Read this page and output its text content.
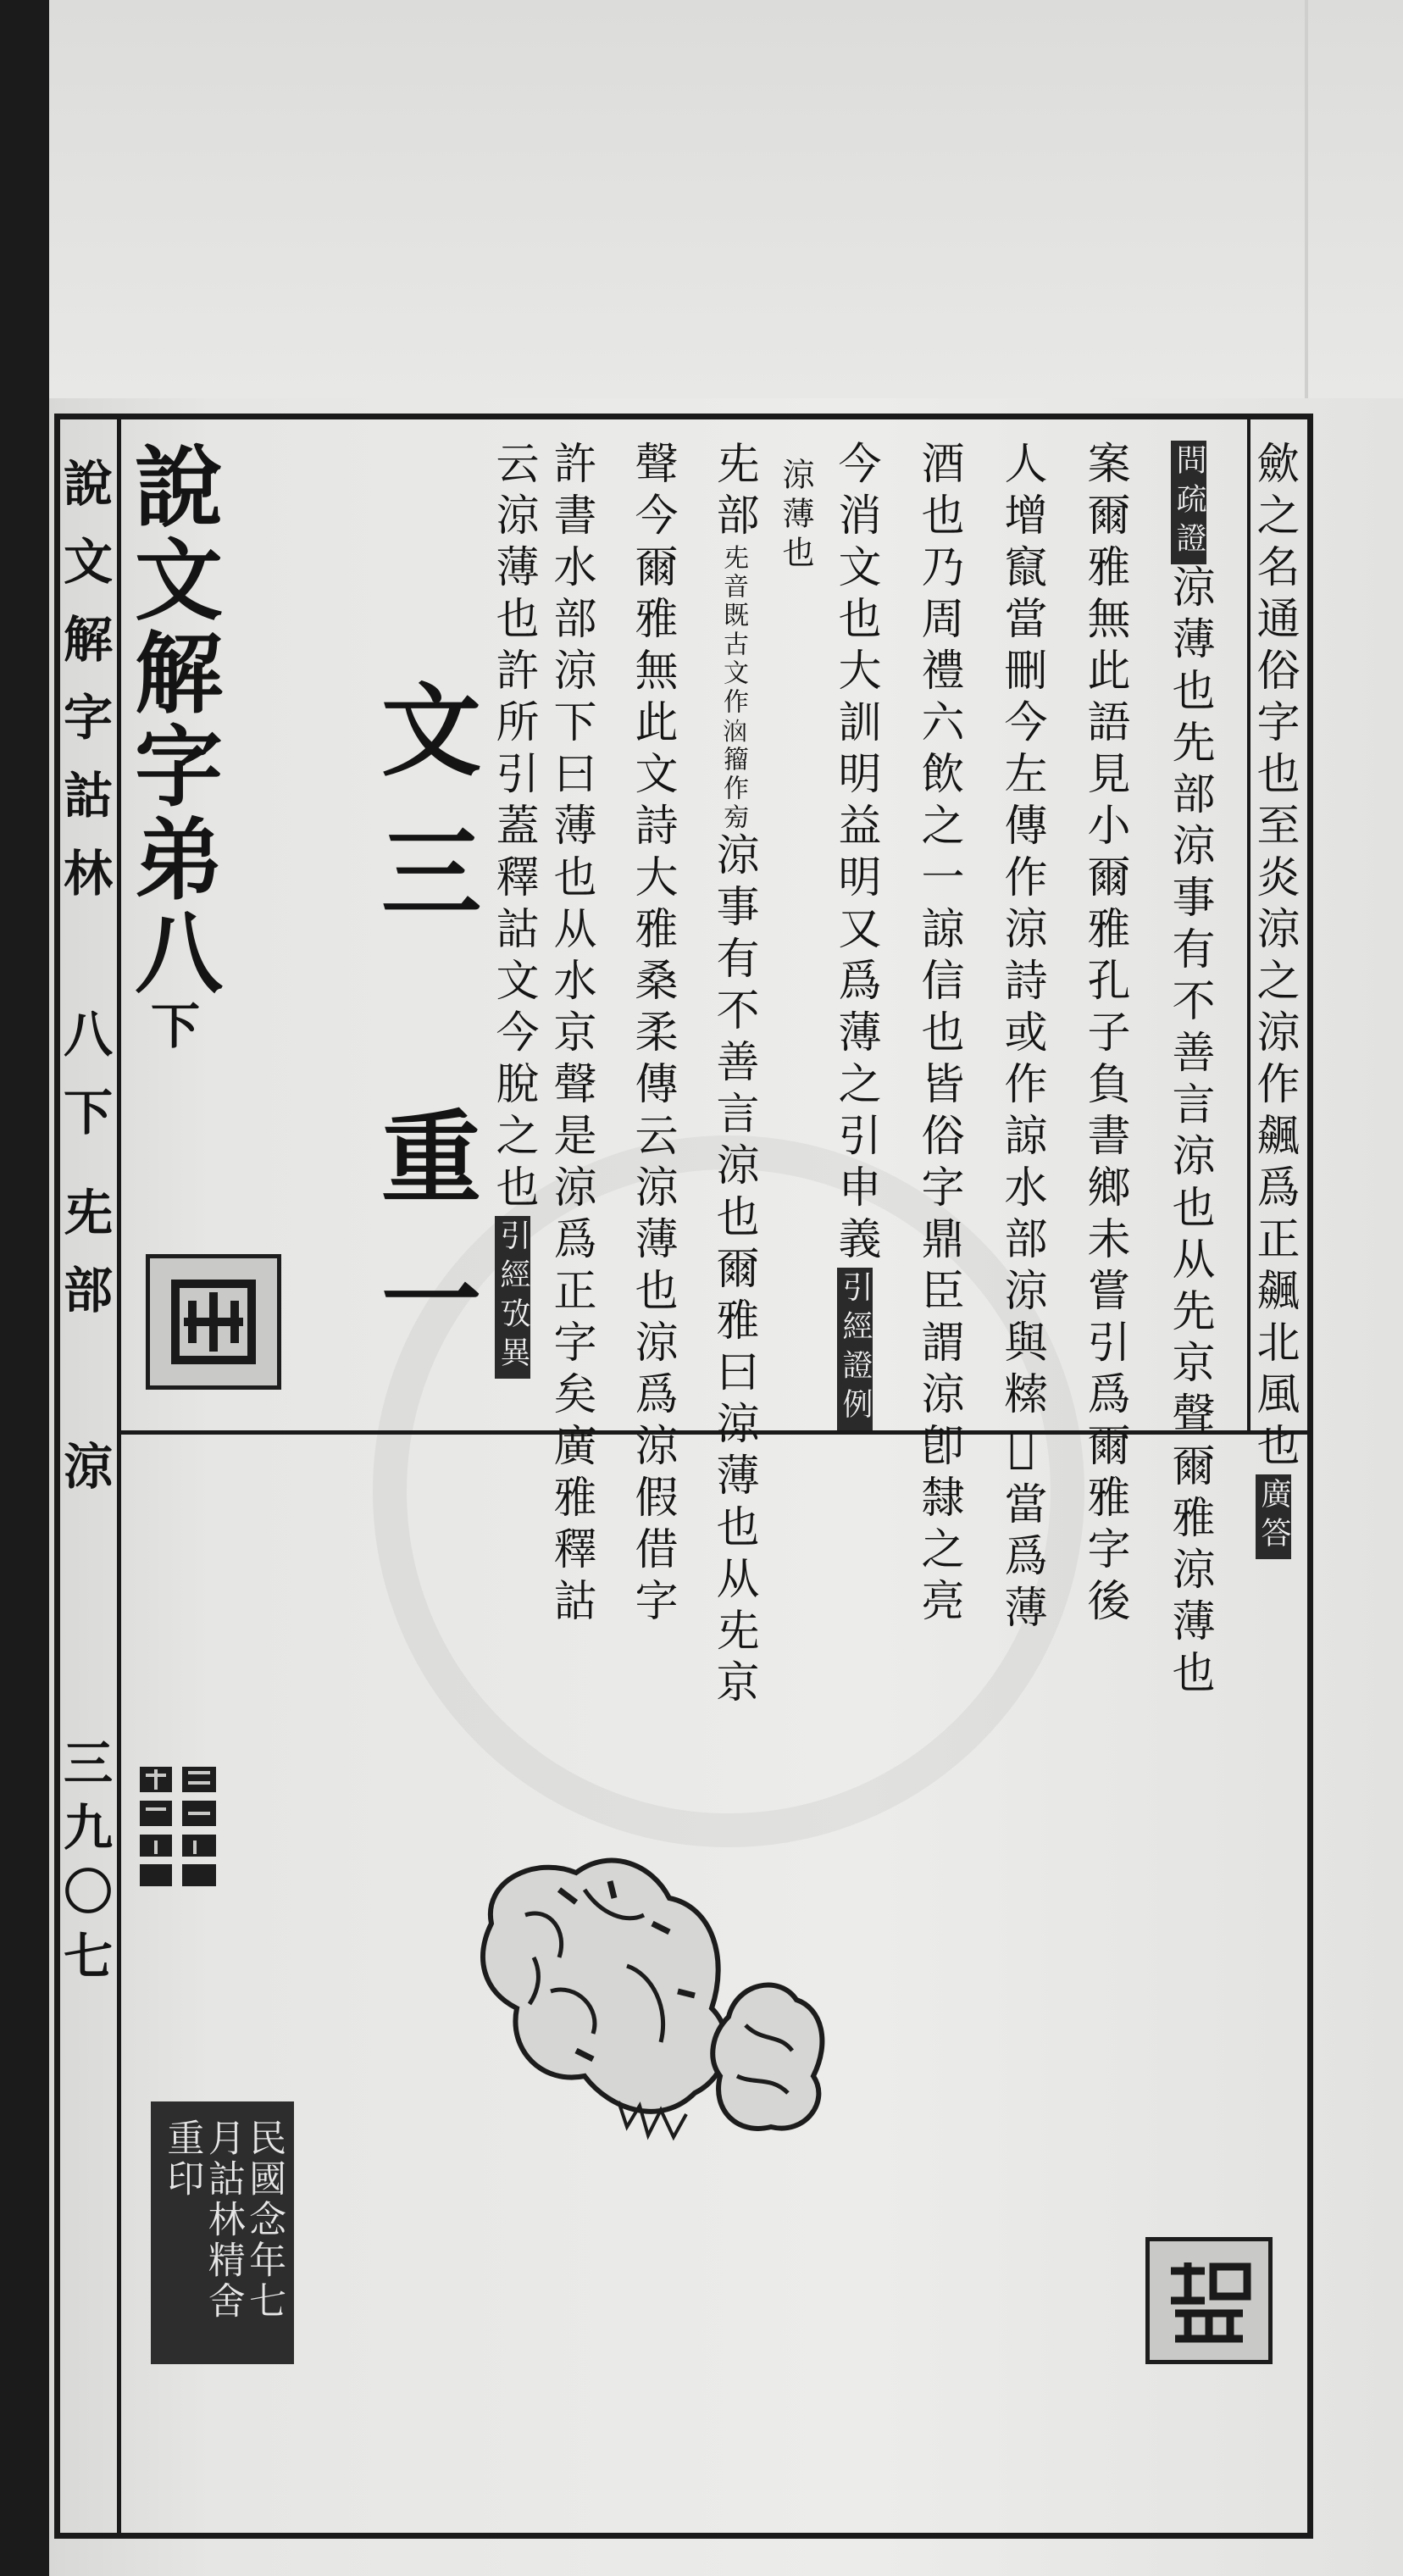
說文解字詁林
八下
兂部
涼
三九〇七
歛之名通俗字也至炎涼之涼作飆爲正飆北風也廣答
問疏證涼薄也先部涼事有不善言涼也从先京聲爾雅涼薄也
案爾雅無此語見小爾雅孔子負書鄉未嘗引爲爾雅字後
人增竄當刪今左傳作涼詩或作諒水部涼與𥻨𤋎當爲薄
酒也乃周禮六飲之一諒信也皆俗字鼎臣謂涼卽隸之亮
今消文也大訓明益明又爲薄之引申義引經證例
涼薄也
兂部兂音既古文作𣳦籀作㫄涼事有不善言涼也爾雅曰涼薄也从兂京
聲今爾雅無此文詩大雅桑柔傳云涼薄也涼爲涼假借字
許書水部涼下曰薄也从水京聲是涼爲正字矣廣雅釋詁
云涼薄也許所引蓋釋詁文今脫之也引經攷異
文三　重一
說文解字弟八下
民國念年七月詁林精舍重印
